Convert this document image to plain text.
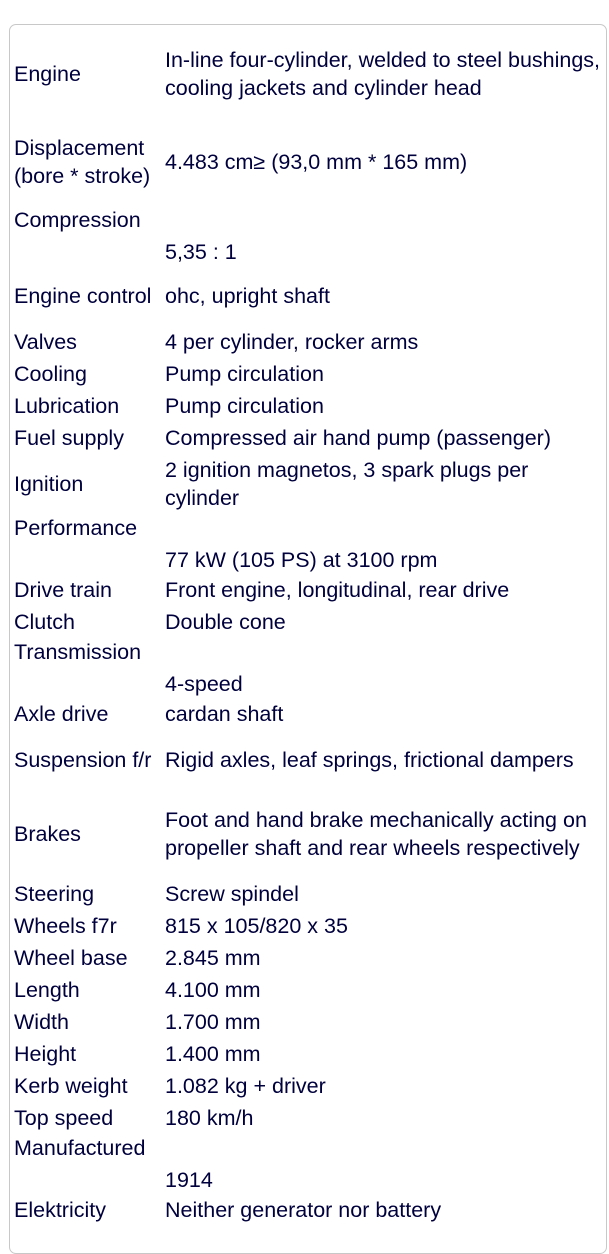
Engine	In-line four-cylinder, welded to steel bushings, cooling jackets and cylinder head
Displacement (bore * stroke)	4.483 cm≥ (93,0 mm * 165 mm)
Compression	5,35 : 1
Engine control	ohc, upright shaft
Valves	4 per cylinder, rocker arms
Cooling	Pump circulation
Lubrication	Pump circulation
Fuel supply	Compressed air hand pump (passenger)
Ignition	2 ignition magnetos, 3 spark plugs per cylinder
Performance	77 kW (105 PS) at 3100 rpm
Drive train	Front engine, longitudinal, rear drive
Clutch	Double cone
Transmission	4-speed
Axle drive	cardan shaft
Suspension f/r	Rigid axles, leaf springs, frictional dampers
Brakes	Foot and hand brake mechanically acting on propeller shaft and rear wheels respectively
Steering	Screw spindel
Wheels f7r	815 x 105/820 x 35
Wheel base	2.845 mm
Length	4.100 mm
Width	1.700 mm
Height	1.400 mm
Kerb weight	1.082 kg + driver
Top speed	180 km/h
Manufactured	1914
Elektricity	Neither generator nor battery
